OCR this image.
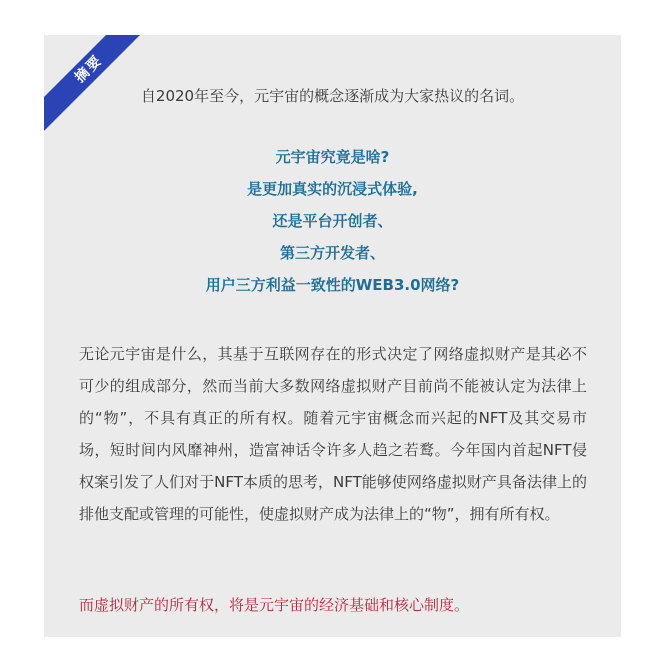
摘要
自2020年至今，元宇宙的概念逐渐成为大家热议的名词。
元宇宙究竟是啥?
是更加真实的沉浸式体验,
还是平台开创者、
第三方开发者、
用户三方利益一致性的WEB3.0网络?

无论元宇宙是什么，其基于互联网存在的形式决定了网络虚拟财产是其必不可少的组成部分，然而当前大多数网络虚拟财产目前尚不能被认定为法律上的“物”，不具有真正的所有权。随着元宇宙概念而兴起的NFT及其交易市场，短时间内风靡神州，造富神话令许多人趋之若鹜。今年国内首起NFT侵权案引发了人们对于NFT本质的思考，NFT能够使网络虚拟财产具备法律上的排他支配或管理的可能性，使虚拟财产成为法律上的“物”，拥有所有权。

而虚拟财产的所有权，将是元宇宙的经济基础和核心制度。
